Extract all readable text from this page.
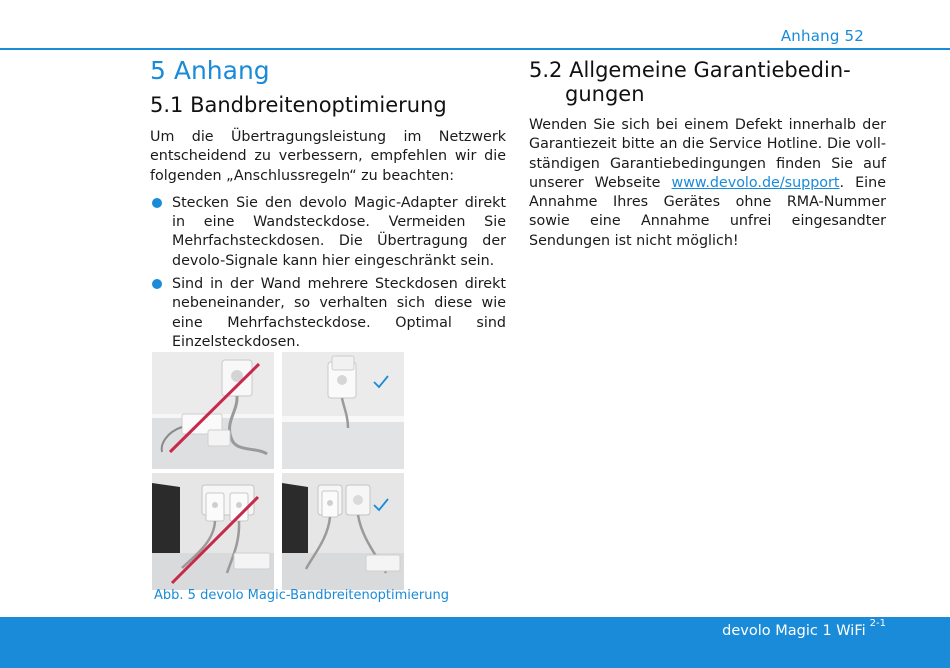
Anhang 52
5 Anhang
5.1 Bandbreitenoptimierung

Um die Übertragungsleistung im Netzwerk entscheidend zu verbessern, empfehlen wir die folgenden „Anschlussregeln“ zu beachten:

Stecken Sie den devolo Magic-Adapter direkt in eine Wandsteckdose. Vermeiden Sie Mehrfachsteckdosen. Die Übertragung der devolo-Signale kann hier eingeschränkt sein.
Sind in der Wand mehrere Steckdosen direkt nebeneinander, so verhalten sich diese wie eine Mehrfachsteckdose. Optimal sind Einzelsteckdosen.
Abb. 5 devolo Magic-Bandbreitenoptimierung
5.2 Allgemeine Garantiebedin-gungen

Wenden Sie sich bei einem Defekt innerhalb der Garantiezeit bitte an die Service Hotline. Die voll-ständigen Garantiebedingungen finden Sie auf unserer Webseite www.devolo.de/support. Eine Annahme Ihres Gerätes ohne RMA-Nummer sowie eine Annahme unfrei eingesandter Sendungen ist nicht möglich!

devolo Magic 1 WiFi $^{2-1}$
